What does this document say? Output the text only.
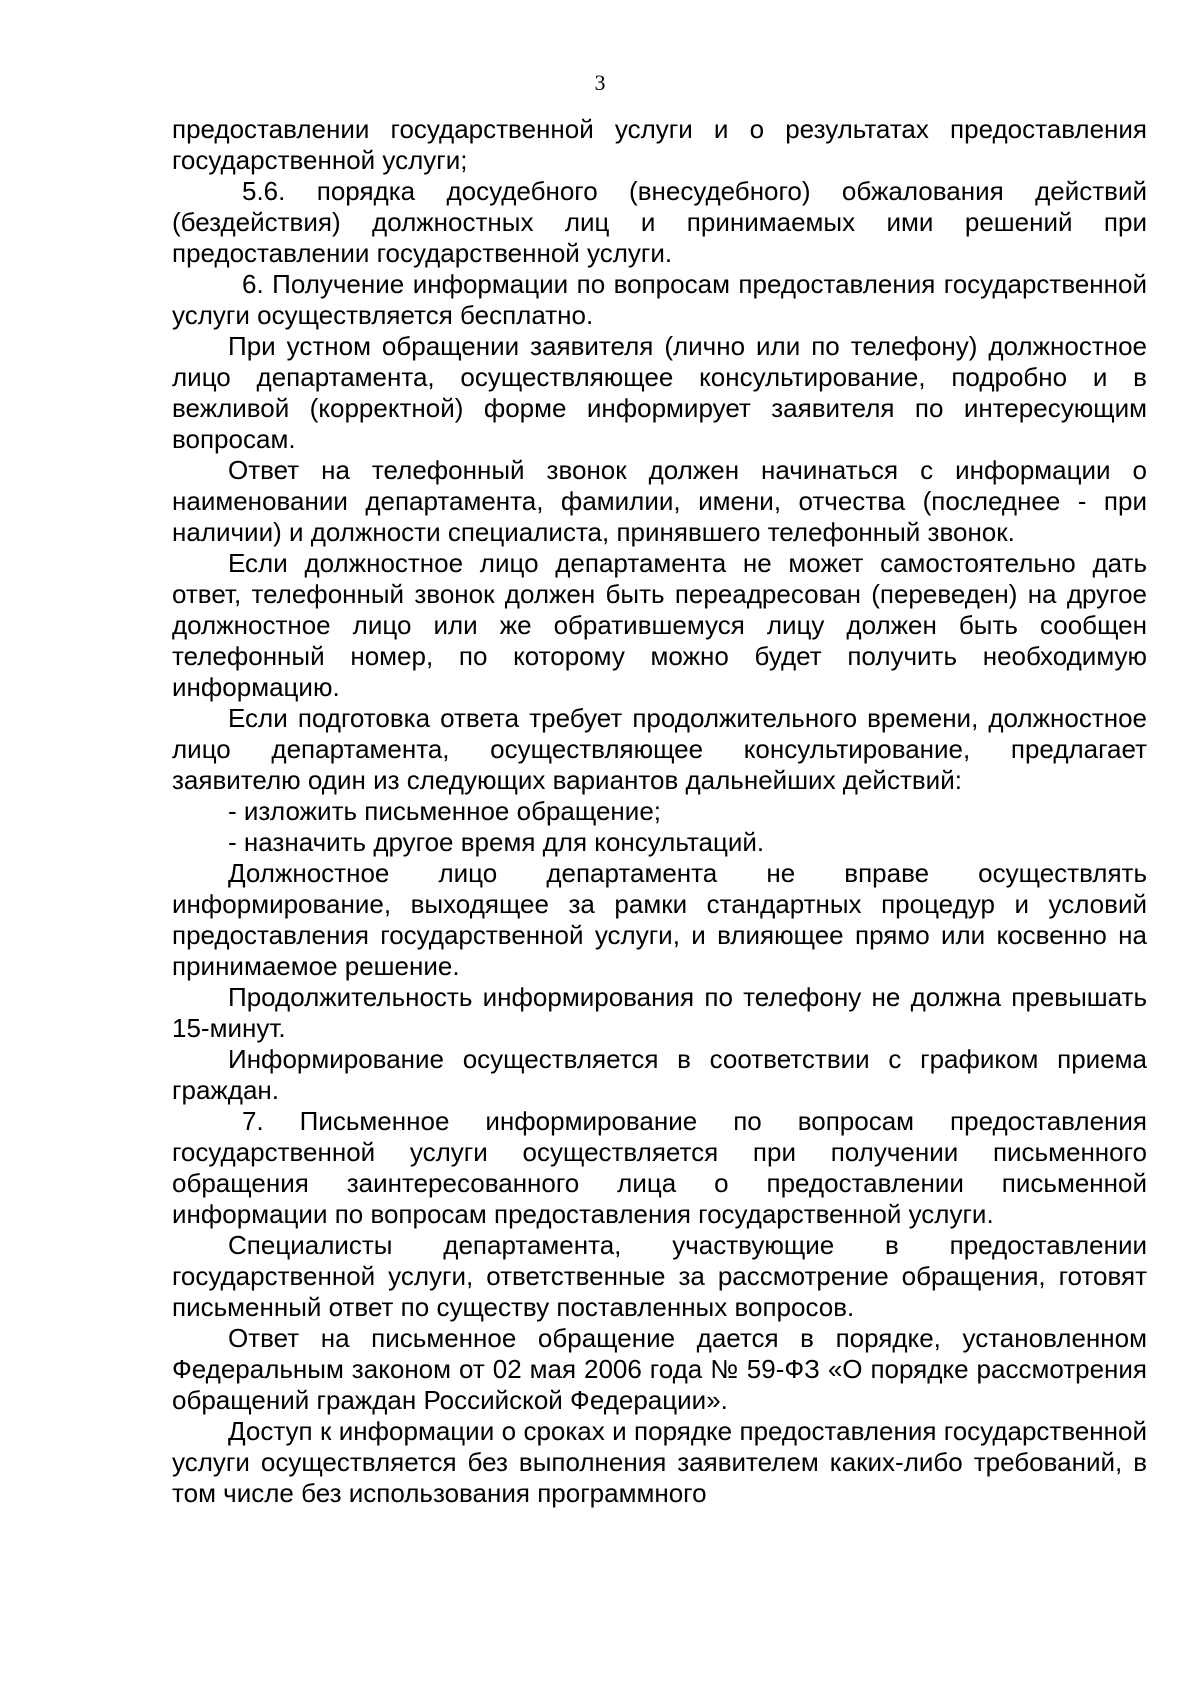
3

предоставлении государственной услуги и о результатах предоставления государственной услуги;

5.6. порядка досудебного (внесудебного) обжалования действий (бездействия) должностных лиц и принимаемых ими решений при предоставлении государственной услуги.

6. Получение информации по вопросам предоставления государственной услуги осуществляется бесплатно.

При устном обращении заявителя (лично или по телефону) должностное лицо департамента, осуществляющее консультирование, подробно и в вежливой (корректной) форме информирует заявителя по интересующим вопросам.

Ответ на телефонный звонок должен начинаться с информации о наименовании департамента, фамилии, имени, отчества (последнее - при наличии) и должности специалиста, принявшего телефонный звонок.

Если должностное лицо департамента не может самостоятельно дать ответ, телефонный звонок должен быть переадресован (переведен) на другое должностное лицо или же обратившемуся лицу должен быть сообщен телефонный номер, по которому можно будет получить необходимую информацию.

Если подготовка ответа требует продолжительного времени, должностное лицо департамента, осуществляющее консультирование, предлагает заявителю один из следующих вариантов дальнейших действий:

- изложить письменное обращение;

- назначить другое время для консультаций.

Должностное лицо департамента не вправе осуществлять информирование, выходящее за рамки стандартных процедур и условий предоставления государственной услуги, и влияющее прямо или косвенно на принимаемое решение.

Продолжительность информирования по телефону не должна превышать 15-минут.

Информирование осуществляется в соответствии с графиком приема граждан.

7. Письменное информирование по вопросам предоставления государственной услуги осуществляется при получении письменного обращения заинтересованного лица о предоставлении письменной информации по вопросам предоставления государственной услуги.

Специалисты департамента, участвующие в предоставлении государственной услуги, ответственные за рассмотрение обращения, готовят письменный ответ по существу поставленных вопросов.

Ответ на письменное обращение дается в порядке, установленном Федеральным законом от 02 мая 2006 года № 59-ФЗ «О порядке рассмотрения обращений граждан Российской Федерации».

Доступ к информации о сроках и порядке предоставления государственной услуги осуществляется без выполнения заявителем каких-либо требований, в том числе без использования программного
